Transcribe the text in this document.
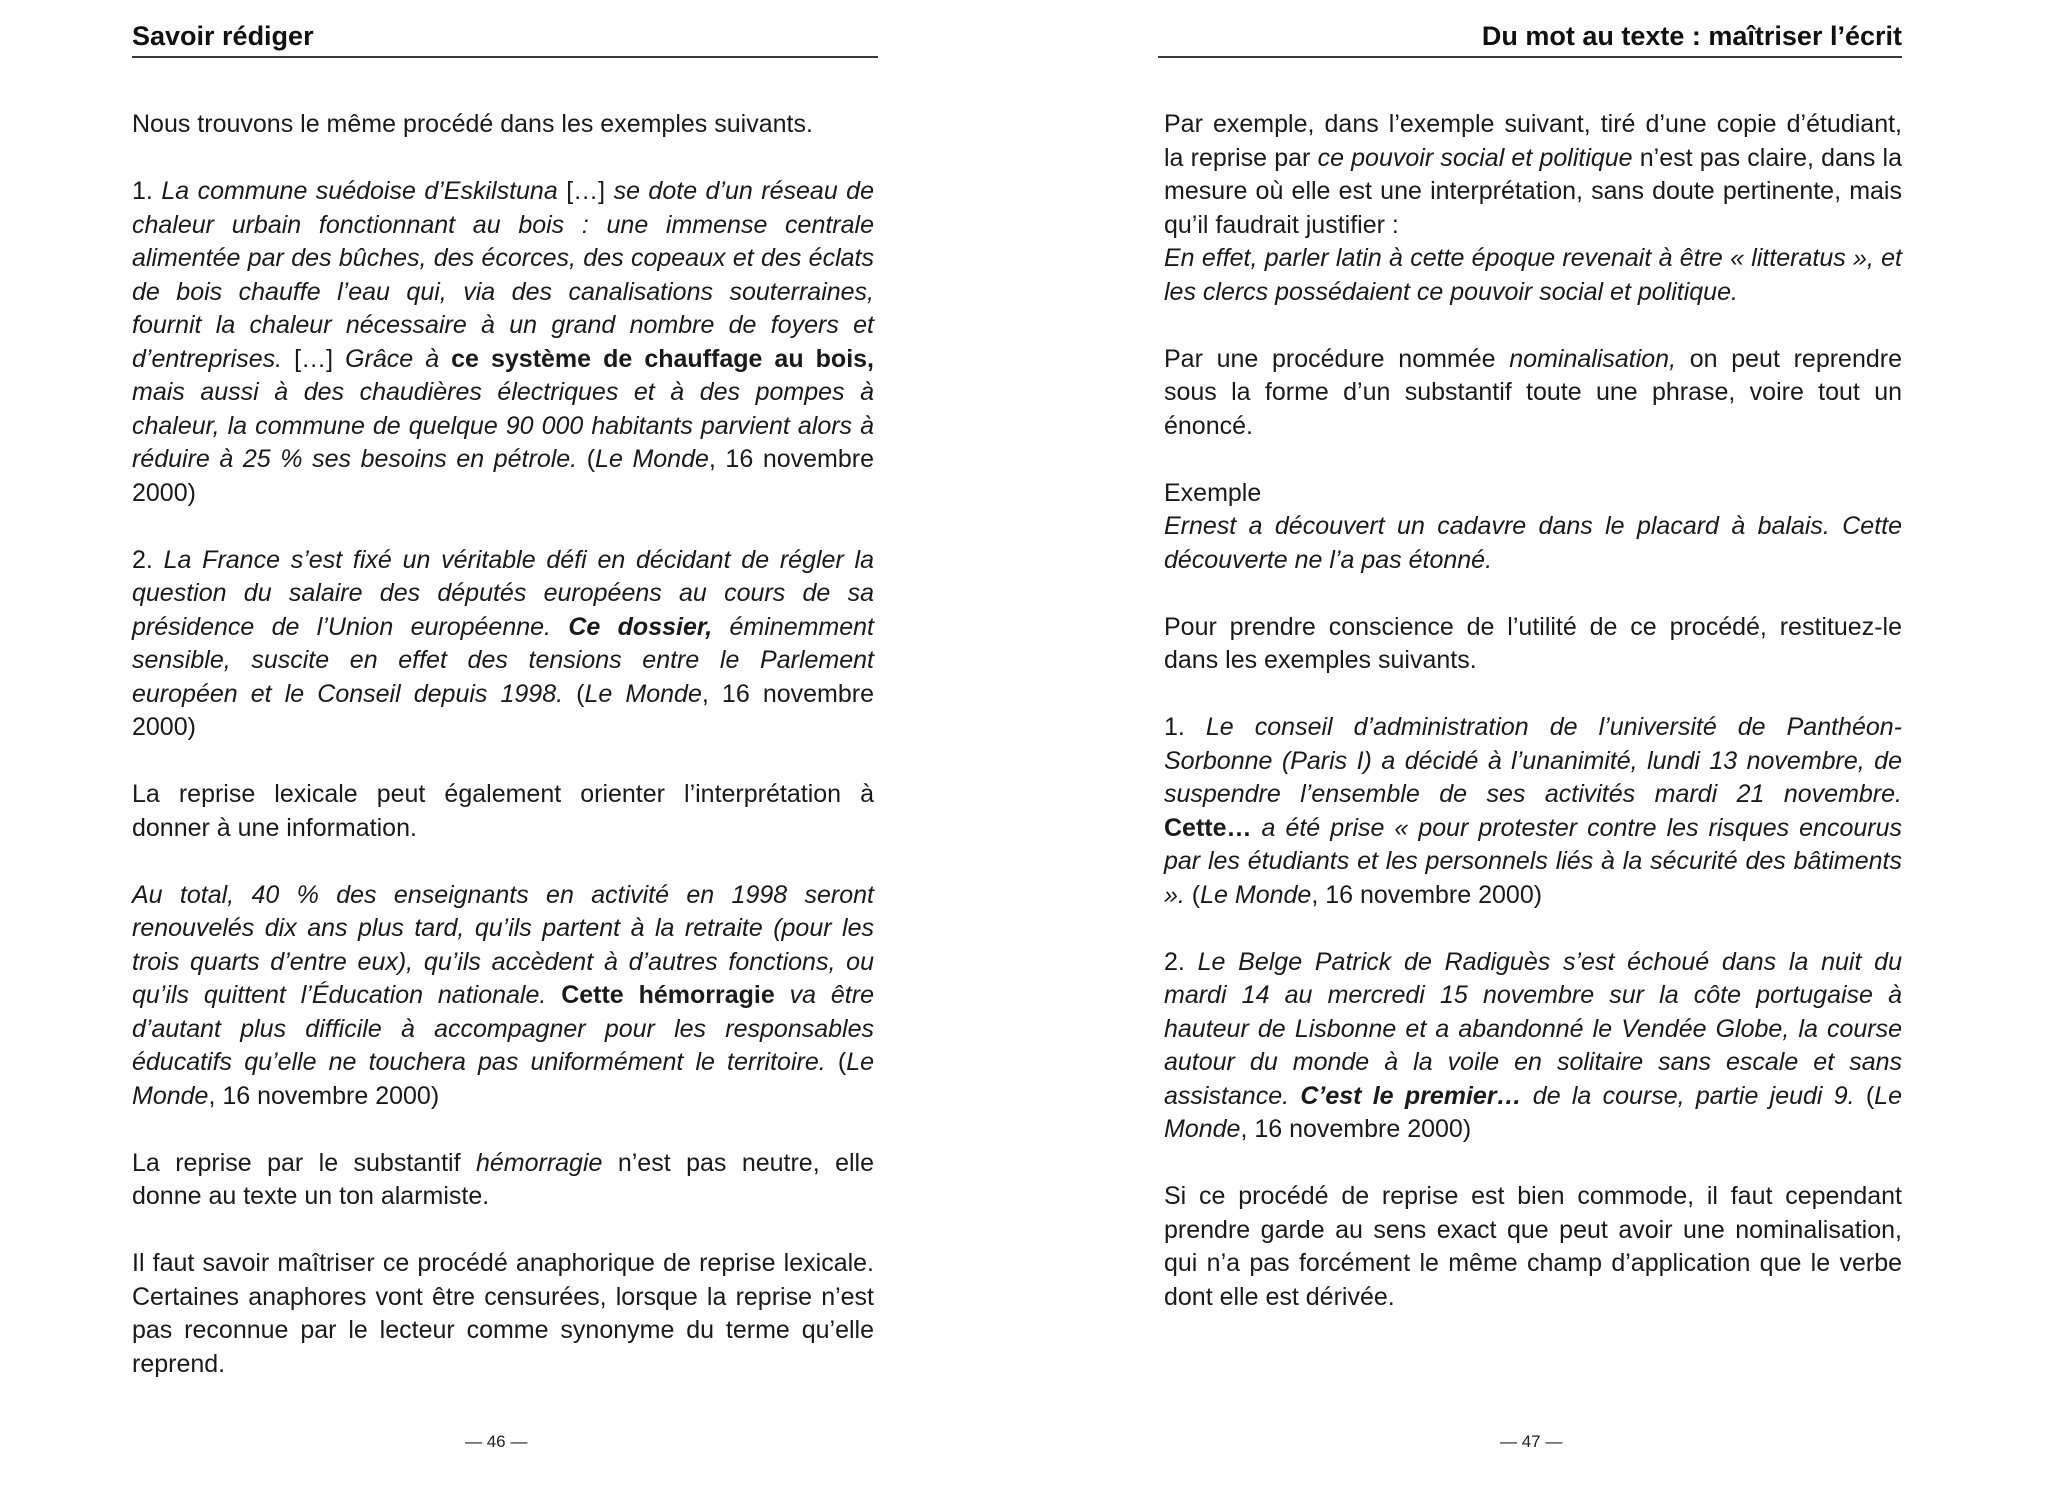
Savoir rédiger

Nous trouvons le même procédé dans les exemples suivants.

1. La commune suédoise d’Eskilstuna […] se dote d’un réseau de chaleur urbain fonctionnant au bois : une immense centrale alimentée par des bûches, des écorces, des copeaux et des éclats de bois chauffe l’eau qui, via des canalisations souterraines, fournit la chaleur nécessaire à un grand nombre de foyers et d’entreprises. […] Grâce à ce système de chauffage au bois, mais aussi à des chaudières électriques et à des pompes à chaleur, la commune de quelque 90 000 habitants parvient alors à réduire à 25 % ses besoins en pétrole. (Le Monde, 16 novembre 2000)

2. La France s’est fixé un véritable défi en décidant de régler la question du salaire des députés européens au cours de sa présidence de l’Union européenne. Ce dossier, éminemment sensible, suscite en effet des tensions entre le Parlement européen et le Conseil depuis 1998. (Le Monde, 16 novembre 2000)

La reprise lexicale peut également orienter l’interprétation à donner à une information.

Au total, 40 % des enseignants en activité en 1998 seront renouvelés dix ans plus tard, qu’ils partent à la retraite (pour les trois quarts d’entre eux), qu’ils accèdent à d’autres fonctions, ou qu’ils quittent l’Éducation nationale. Cette hémorragie va être d’autant plus difficile à accompagner pour les responsables éducatifs qu’elle ne touchera pas uniformément le territoire. (Le Monde, 16 novembre 2000)

La reprise par le substantif hémorragie n’est pas neutre, elle donne au texte un ton alarmiste.

Il faut savoir maîtriser ce procédé anaphorique de reprise lexicale. Certaines anaphores vont être censurées, lorsque la reprise n’est pas reconnue par le lecteur comme synonyme du terme qu’elle reprend.

— 46 —
Du mot au texte : maîtriser l’écrit

Par exemple, dans l’exemple suivant, tiré d’une copie d’étudiant, la reprise par ce pouvoir social et politique n’est pas claire, dans la mesure où elle est une interprétation, sans doute pertinente, mais qu’il faudrait justifier :
En effet, parler latin à cette époque revenait à être « litteratus », et les clercs possédaient ce pouvoir social et politique.

Par une procédure nommée nominalisation, on peut reprendre sous la forme d’un substantif toute une phrase, voire tout un énoncé.

Exemple
Ernest a découvert un cadavre dans le placard à balais. Cette découverte ne l’a pas étonné.

Pour prendre conscience de l’utilité de ce procédé, restituez-le dans les exemples suivants.

1. Le conseil d’administration de l’université de Panthéon-Sorbonne (Paris I) a décidé à l’unanimité, lundi 13 novembre, de suspendre l’ensemble de ses activités mardi 21 novembre. Cette… a été prise « pour protester contre les risques encourus par les étudiants et les personnels liés à la sécurité des bâtiments ». (Le Monde, 16 novembre 2000)

2. Le Belge Patrick de Radiguès s’est échoué dans la nuit du mardi 14 au mercredi 15 novembre sur la côte portugaise à hauteur de Lisbonne et a abandonné le Vendée Globe, la course autour du monde à la voile en solitaire sans escale et sans assistance. C’est le premier… de la course, partie jeudi 9. (Le Monde, 16 novembre 2000)

Si ce procédé de reprise est bien commode, il faut cependant prendre garde au sens exact que peut avoir une nominalisation, qui n’a pas forcément le même champ d’application que le verbe dont elle est dérivée.

— 47 —
